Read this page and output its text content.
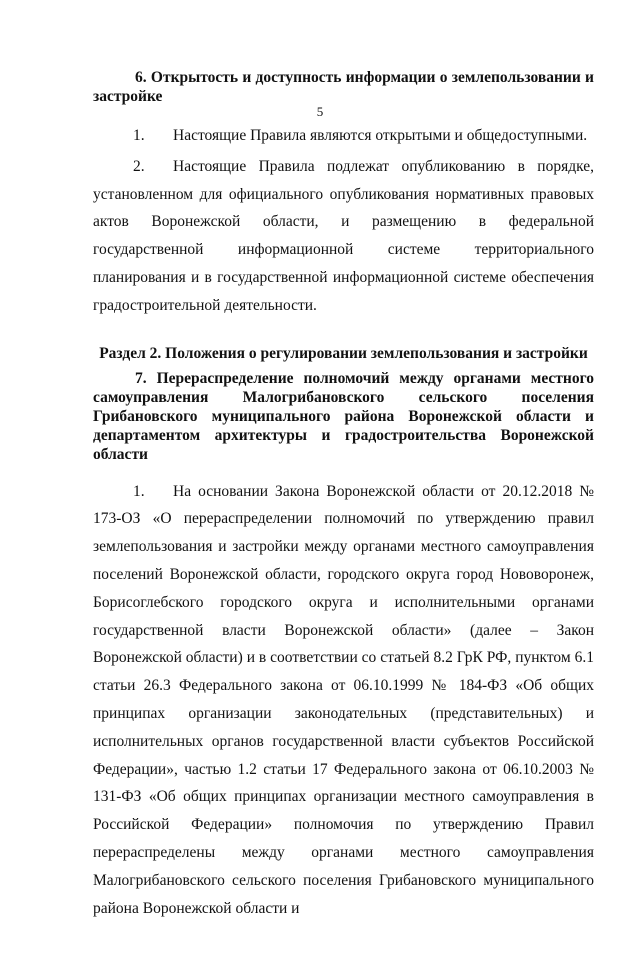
5
6. Открытость и доступность информации о землепользовании и застройке

1. Настоящие Правила являются открытыми и общедоступными.

2. Настоящие Правила подлежат опубликованию в порядке, установленном для официального опубликования нормативных правовых актов Воронежской области, и размещению в федеральной государственной информационной системе территориального планирования и в государственной информационной системе обеспечения градостроительной деятельности.

Раздел 2. Положения о регулировании землепользования и застройки
7. Перераспределение полномочий между органами местного самоуправления Малогрибановского сельского поселения Грибановского муниципального района Воронежской области и департаментом архитектуры и градостроительства Воронежской области

1. На основании Закона Воронежской области от 20.12.2018 № 173-ОЗ «О перераспределении полномочий по утверждению правил землепользования и застройки между органами местного самоуправления поселений Воронежской области, городского округа город Нововоронеж, Борисоглебского городского округа и исполнительными органами государственной власти Воронежской области» (далее – Закон Воронежской области) и в соответствии со статьей 8.2 ГрК РФ, пунктом 6.1 статьи 26.3 Федерального закона от 06.10.1999 № 184-ФЗ «Об общих принципах организации законодательных (представительных) и исполнительных органов государственной власти субъектов Российской Федерации», частью 1.2 статьи 17 Федерального закона от 06.10.2003 № 131-ФЗ «Об общих принципах организации местного самоуправления в Российской Федерации» полномочия по утверждению Правил перераспределены между органами местного самоуправления Малогрибановского сельского поселения Грибановского муниципального района Воронежской области и
